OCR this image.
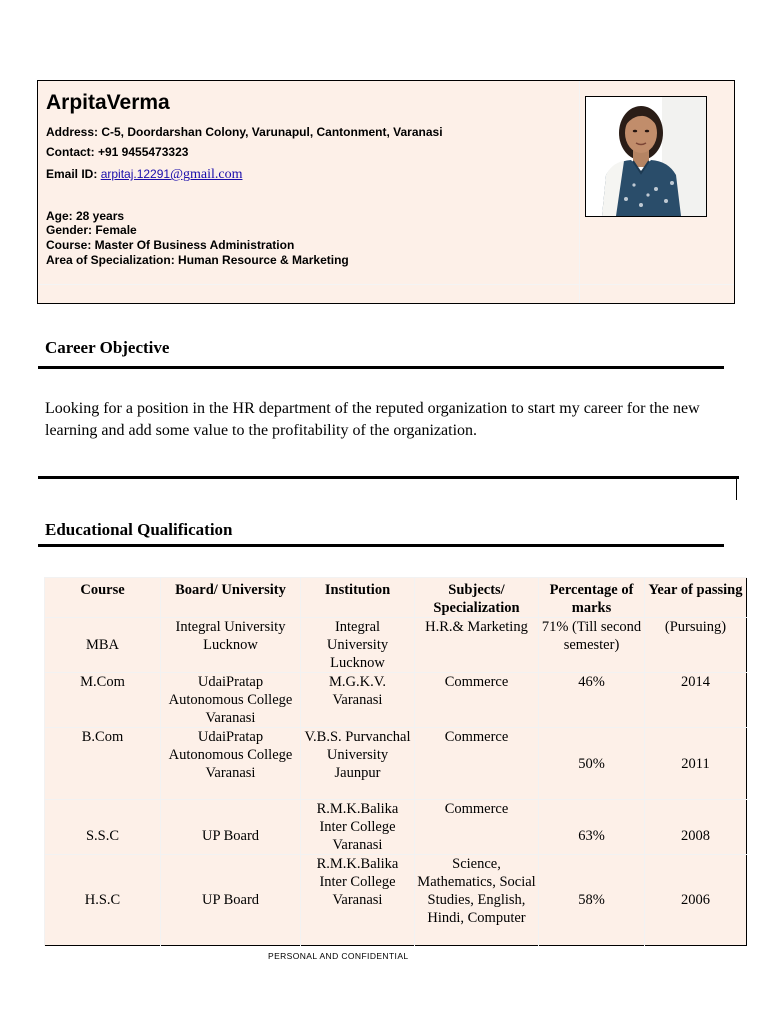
ArpitaVerma
Address: C-5, Doordarshan Colony, Varunapul, Cantonment, Varanasi
Contact: +91 9455473323
Email ID: arpitaj.12291@gmail.com
Age: 28 years
Gender: Female
Course: Master Of Business Administration
Area of Specialization: Human Resource & Marketing
Career Objective
Looking for a position in the HR department of the reputed organization to start my career for the new learning and add some value to the profitability of the organization.
Educational Qualification
Course	Board/ University	Institution	Subjects/ Specialization	Percentage of marks	Year of passing
MBA	Integral University Lucknow	Integral University Lucknow	H.R.& Marketing	71% (Till second semester)	(Pursuing)
M.Com	UdaiPratap Autonomous College Varanasi	M.G.K.V. Varanasi	Commerce	46%	2014
B.Com	UdaiPratap Autonomous College Varanasi	V.B.S. Purvanchal University Jaunpur	Commerce	50%	2011
S.S.C	UP Board	R.M.K.Balika Inter College Varanasi	Commerce	63%	2008
H.S.C	UP Board	R.M.K.Balika Inter College Varanasi	Science, Mathematics, Social Studies, English, Hindi, Computer	58%	2006
PERSONAL AND CONFIDENTIAL
